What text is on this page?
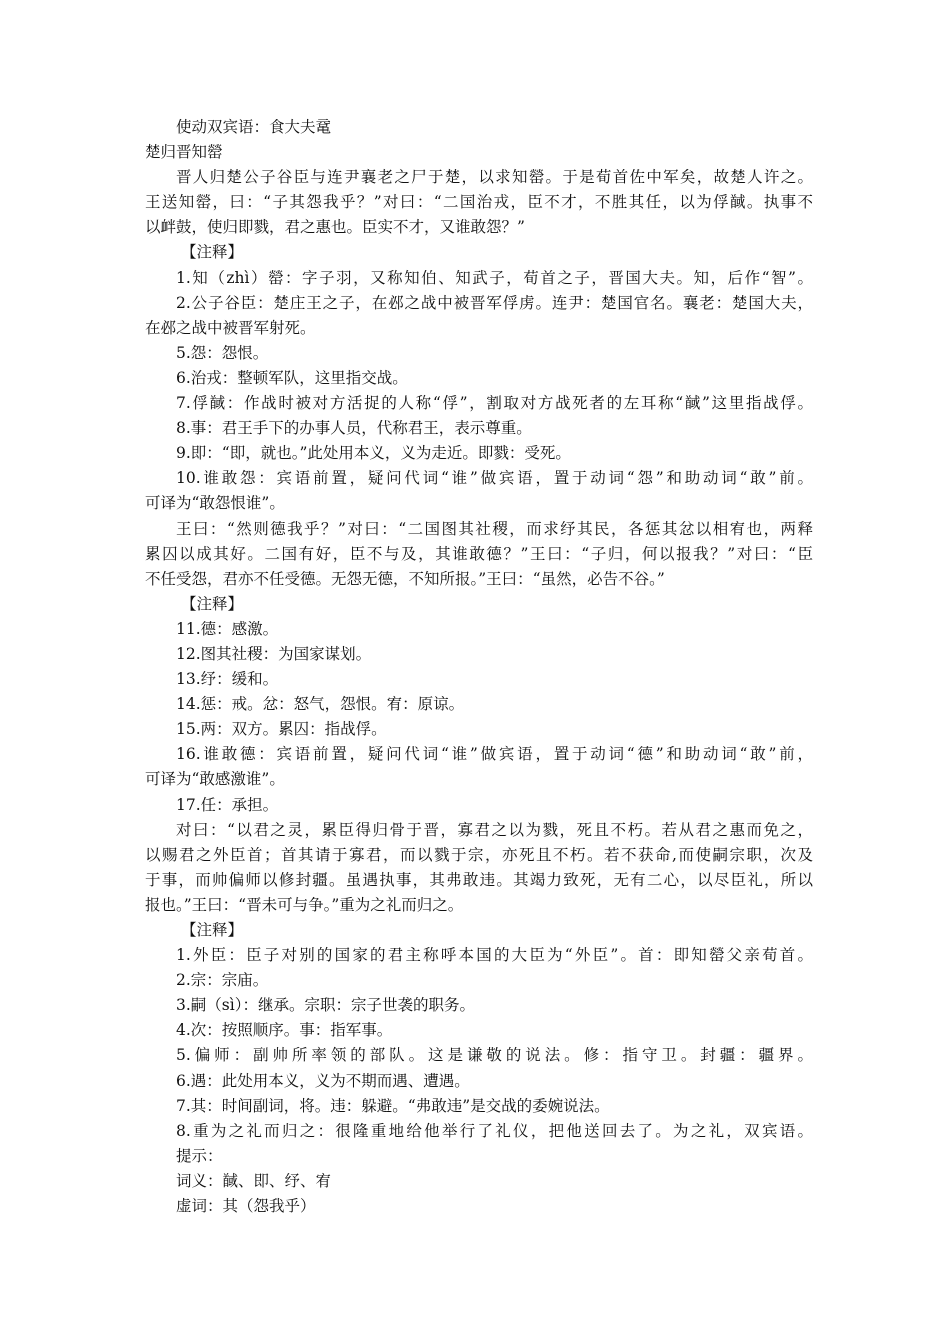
使动双宾语：食大夫鼋
楚归晋知罃
晋人归楚公子谷臣与连尹襄老之尸于楚，以求知罃。于是荀首佐中军矣，故楚人许之。
王送知罃，曰：“子其怨我乎？”对曰：“二国治戎，臣不才，不胜其任，以为俘馘。执事不
以衅鼓，使归即戮，君之惠也。臣实不才，又谁敢怨？”
【注释】
1.知（zhì）罃：字子羽，又称知伯、知武子，荀首之子，晋国大夫。知，后作“智”。
2.公子谷臣：楚庄王之子，在邲之战中被晋军俘虏。连尹：楚国官名。襄老：楚国大夫，
在邲之战中被晋军射死。
5.怨：怨恨。
6.治戎：整顿军队，这里指交战。
7.俘馘：作战时被对方活捉的人称“俘”，割取对方战死者的左耳称“馘”这里指战俘。
8.事：君王手下的办事人员，代称君王，表示尊重。
9.即：“即，就也。”此处用本义，义为走近。即戮：受死。
10.谁敢怨：宾语前置，疑问代词“谁”做宾语，置于动词“怨”和助动词“敢”前。
可译为“敢怨恨谁”。
王曰：“然则德我乎？”对曰：“二国图其社稷，而求纾其民，各惩其忿以相宥也，两释
累囚以成其好。二国有好，臣不与及，其谁敢德？”王曰：“子归，何以报我？”对曰：“臣
不任受怨，君亦不任受德。无怨无德，不知所报。”王曰：“虽然，必告不谷。”
【注释】
11.德：感激。
12.图其社稷：为国家谋划。
13.纾：缓和。
14.惩：戒。忿：怒气，怨恨。宥：原谅。
15.两：双方。累囚：指战俘。
16.谁敢德：宾语前置，疑问代词“谁”做宾语，置于动词“德”和助动词“敢”前，
可译为“敢感激谁”。
17.任：承担。
对曰：“以君之灵，累臣得归骨于晋，寡君之以为戮，死且不朽。若从君之惠而免之，
以赐君之外臣首；首其请于寡君，而以戮于宗，亦死且不朽。若不获命,而使嗣宗职，次及
于事，而帅偏师以修封疆。虽遇执事，其弗敢违。其竭力致死，无有二心，以尽臣礼，所以
报也。”王曰：“晋未可与争。”重为之礼而归之。
【注释】
1.外臣：臣子对别的国家的君主称呼本国的大臣为“外臣”。首：即知罃父亲荀首。
2.宗：宗庙。
3.嗣（sì）：继承。宗职：宗子世袭的职务。
4.次：按照顺序。事：指军事。
5.偏师：副帅所率领的部队。这是谦敬的说法。修：指守卫。封疆：疆界。
6.遇：此处用本义，义为不期而遇、遭遇。
7.其：时间副词，将。违：躲避。“弗敢违”是交战的委婉说法。
8.重为之礼而归之：很隆重地给他举行了礼仪，把他送回去了。为之礼，双宾语。
提示：
词义：馘、即、纾、宥
虚词：其（怨我乎）
